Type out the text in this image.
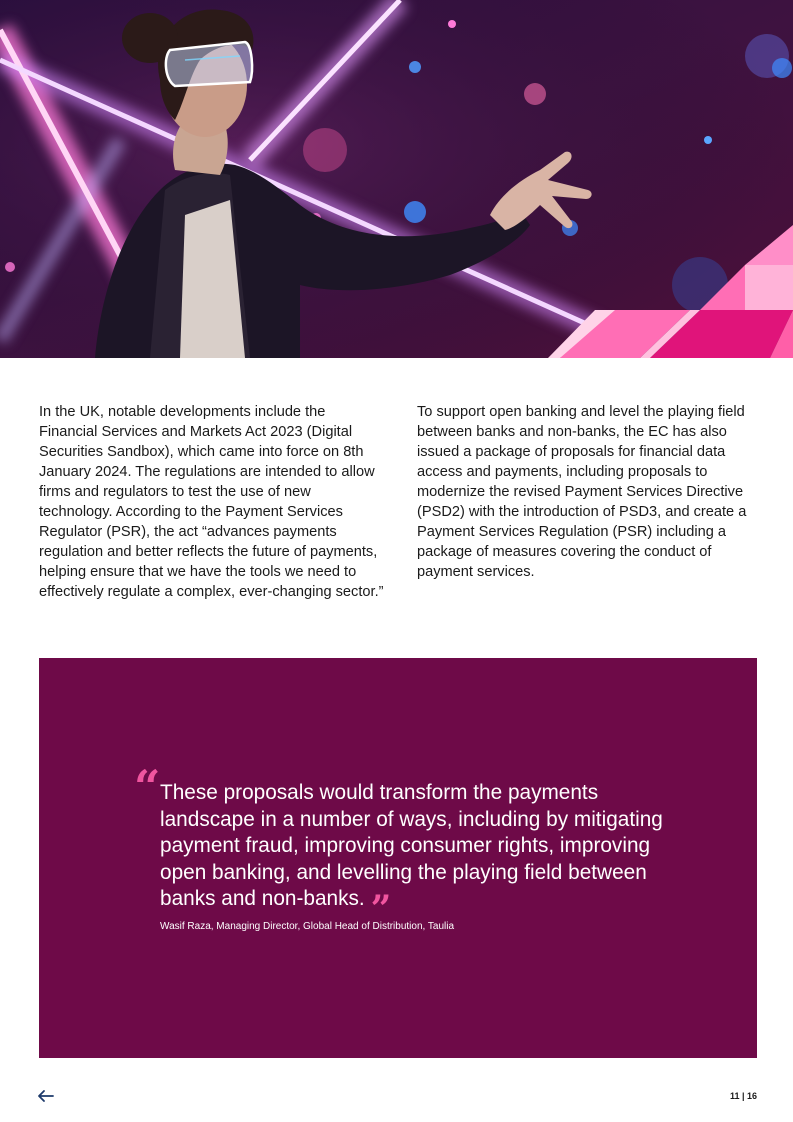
In the UK, notable developments include the Financial Services and Markets Act 2023 (Digital Securities Sandbox), which came into force on 8th January 2024. The regulations are intended to allow firms and regulators to test the use of new technology. According to the Payment Services Regulator (PSR), the act “advances payments regulation and better reflects the future of payments, helping ensure that we have the tools we need to effectively regulate a complex, ever-changing sector.”

To support open banking and level the playing field between banks and non-banks, the EC has also issued a package of proposals for financial data access and payments, including proposals to modernize the revised Payment Services Directive (PSD2) with the introduction of PSD3, and create a Payment Services Regulation (PSR) including a package of measures covering the conduct of payment services.

“ These proposals would transform the payments landscape in a number of ways, including by mitigating payment fraud, improving consumer rights, improving open banking, and levelling the playing field between banks and non-banks. ”

Wasif Raza, Managing Director, Global Head of Distribution, Taulia

11 | 16
